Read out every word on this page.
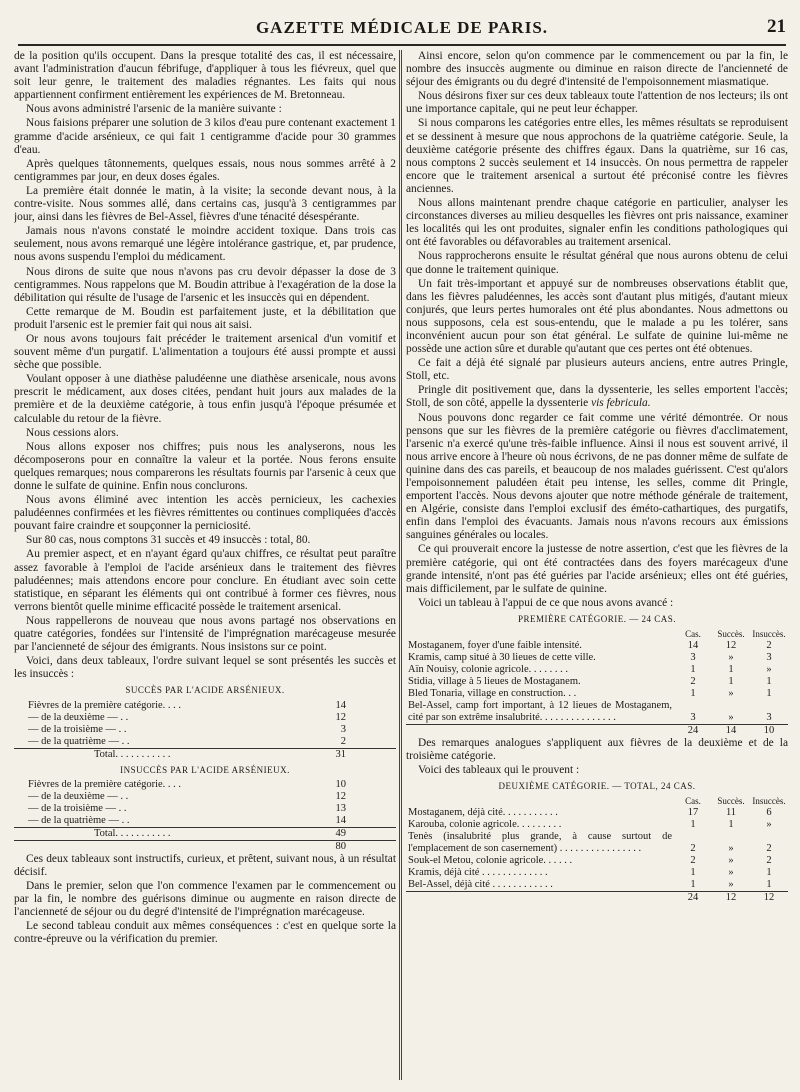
GAZETTE MÉDICALE DE PARIS.	21

de la position qu'ils occupent. Dans la presque totalité des cas, il est nécessaire, avant l'administration d'aucun fébrifuge, d'appliquer à tous les fiévreux, quel que soit leur genre, le traitement des maladies régnantes. Les faits qui nous appartiennent confirment entièrement les expériences de M. Bretonneau.

Nous avons administré l'arsenic de la manière suivante :

Nous faisions préparer une solution de 3 kilos d'eau pure contenant exactement 1 gramme d'acide arsénieux, ce qui fait 1 centigramme d'acide pour 30 grammes d'eau.

Après quelques tâtonnements, quelques essais, nous nous sommes arrêté à 2 centigrammes par jour, en deux doses égales.

La première était donnée le matin, à la visite; la seconde devant nous, à la contre-visite. Nous sommes allé, dans certains cas, jusqu'à 3 centigrammes par jour, ainsi dans les fièvres de Bel-Assel, fièvres d'une ténacité désespérante.

Jamais nous n'avons constaté le moindre accident toxique. Dans trois cas seulement, nous avons remarqué une légère intolérance gastrique, et, par prudence, nous avons suspendu l'emploi du médicament.

Nous dirons de suite que nous n'avons pas cru devoir dépasser la dose de 3 centigrammes. Nous rappelons que M. Boudin attribue à l'exagération de la dose la débilitation qui résulte de l'usage de l'arsenic et les insuccès qui en dépendent.

Cette remarque de M. Boudin est parfaitement juste, et la débilitation que produit l'arsenic est le premier fait qui nous ait saisi.

Or nous avons toujours fait précéder le traitement arsenical d'un vomitif et souvent même d'un purgatif. L'alimentation a toujours été aussi prompte et aussi sèche que possible.

Voulant opposer à une diathèse paludéenne une diathèse arsenicale, nous avons prescrit le médicament, aux doses citées, pendant huit jours aux malades de la première et de la deuxième catégorie, à tous enfin jusqu'à l'époque présumée et calculable du retour de la fièvre.

Nous cessions alors.

Nous allons exposer nos chiffres; puis nous les analyserons, nous les décomposerons pour en connaître la valeur et la portée. Nous ferons ensuite quelques remarques; nous comparerons les résultats fournis par l'arsenic à ceux que donne le sulfate de quinine. Enfin nous conclurons.

Nous avons éliminé avec intention les accès pernicieux, les cachexies paludéennes confirmées et les fièvres rémittentes ou continues compliquées d'accès pouvant faire craindre et soupçonner la perniciosité.

Sur 80 cas, nous comptons 31 succès et 49 insuccès : total, 80.

Au premier aspect, et en n'ayant égard qu'aux chiffres, ce résultat peut paraître assez favorable à l'emploi de l'acide arsénieux dans le traitement des fièvres paludéennes; mais attendons encore pour conclure. En étudiant avec soin cette statistique, en séparant les éléments qui ont contribué à former ces fièvres, nous verrons bientôt quelle minime efficacité possède le traitement arsenical.

Nous rappellerons de nouveau que nous avons partagé nos observations en quatre catégories, fondées sur l'intensité de l'imprégnation marécageuse mesurée par l'ancienneté de séjour des émigrants. Nous insistons sur ce point.

Voici, dans deux tableaux, l'ordre suivant lequel se sont présentés les succès et les insuccès :

SUCCÈS PAR L'ACIDE ARSÉNIEUX.
Fièvres de la première catégorie. . . .	14
— de la deuxième — . .	12
— de la troisième — . .	3
— de la quatrième — . .	2
Total. . . . . . . . . . .	31
INSUCCÈS PAR L'ACIDE ARSÉNIEUX.
Fièvres de la première catégorie. . . .	10
— de la deuxième — . .	12
— de la troisième — . .	13
— de la quatrième — . .	14
Total. . . . . . . . . . .	49
	80

Ces deux tableaux sont instructifs, curieux, et prêtent, suivant nous, à un résultat décisif.

Dans le premier, selon que l'on commence l'examen par le commencement ou par la fin, le nombre des guérisons diminue ou augmente en raison directe de l'ancienneté de séjour ou du degré d'intensité de l'imprégnation marécageuse.

Le second tableau conduit aux mêmes conséquences : c'est en quelque sorte la contre-épreuve ou la vérification du premier.

Ainsi encore, selon qu'on commence par le commencement ou par la fin, le nombre des insuccès augmente ou diminue en raison directe de l'ancienneté de séjour des émigrants ou du degré d'intensité de l'empoisonnement miasmatique.

Nous désirons fixer sur ces deux tableaux toute l'attention de nos lecteurs; ils ont une importance capitale, qui ne peut leur échapper.

Si nous comparons les catégories entre elles, les mêmes résultats se reproduisent et se dessinent à mesure que nous approchons de la quatrième catégorie. Seule, la deuxième catégorie présente des chiffres égaux. Dans la quatrième, sur 16 cas, nous comptons 2 succès seulement et 14 insuccès. On nous permettra de rappeler encore que le traitement arsenical a surtout été préconisé contre les fièvres anciennes.

Nous allons maintenant prendre chaque catégorie en particulier, analyser les circonstances diverses au milieu desquelles les fièvres ont pris naissance, examiner les localités qui les ont produites, signaler enfin les conditions pathologiques qui ont été favorables ou défavorables au traitement arsenical.

Nous rapprocherons ensuite le résultat général que nous aurons obtenu de celui que donne le traitement quinique.

Un fait très-important et appuyé sur de nombreuses observations établit que, dans les fièvres paludéennes, les accès sont d'autant plus mitigés, d'autant mieux conjurés, que leurs pertes humorales ont été plus abondantes. Nous admettons ou nous supposons, cela est sous-entendu, que le malade a pu les tolérer, sans inconvénient aucun pour son état général. Le sulfate de quinine lui-même ne possède une action sûre et durable qu'autant que ces pertes ont été obtenues.

Ce fait a déjà été signalé par plusieurs auteurs anciens, entre autres Pringle, Stoll, etc.

Pringle dit positivement que, dans la dyssenterie, les selles emportent l'accès; Stoll, de son côté, appelle la dyssenterie vis febricula.

Nous pouvons donc regarder ce fait comme une vérité démontrée. Or nous pensons que sur les fièvres de la première catégorie ou fièvres d'acclimatement, l'arsenic n'a exercé qu'une très-faible influence. Ainsi il nous est souvent arrivé, il nous arrive encore à l'heure où nous écrivons, de ne pas donner même de sulfate de quinine dans des cas pareils, et beaucoup de nos malades guérissent. C'est qu'alors l'empoisonnement paludéen était peu intense, les selles, comme dit Pringle, emportent l'accès. Nous devons ajouter que notre méthode générale de traitement, en Algérie, consiste dans l'emploi exclusif des éméto-cathartiques, des purgatifs, enfin dans l'emploi des évacuants. Jamais nous n'avons recours aux émissions sanguines générales ou locales.

Ce qui prouverait encore la justesse de notre assertion, c'est que les fièvres de la première catégorie, qui ont été contractées dans des foyers marécageux d'une grande intensité, n'ont pas été guéries par l'acide arsénieux; elles ont été guéries, mais difficilement, par le sulfate de quinine.

Voici un tableau à l'appui de ce que nous avons avancé :

PREMIÈRE CATÉGORIE. — 24 CAS.
	Cas.	Succès.	Insuccès.
Mostaganem, foyer d'une faible intensité.	14	12	2
Kramis, camp situé à 30 lieues de cette ville.	3	»	3
Aïn Nouisy, colonie agricole. . . . . . . .	1	1	»
Stidia, village à 5 lieues de Mostaganem.	2	1	1
Bled Tonaria, village en construction. . .	1	»	1
Bel-Assel, camp fort important, à 12 lieues de Mostaganem, cité par son extrême insalubrité. . . . . . . . . . . . . . .	3	»	3
	24	14	10

Des remarques analogues s'appliquent aux fièvres de la deuxième et de la troisième catégorie.

Voici des tableaux qui le prouvent :

DEUXIÈME CATÉGORIE. — TOTAL, 24 CAS.
	Cas.	Succès.	Insuccès.
Mostaganem, déjà cité. . . . . . . . . . .	17	11	6
Karouba, colonie agricole. . . . . . . . .	1	1	»
Tenès (insalubrité plus grande, à cause surtout de l'emplacement de son casernement) . . . . . . . . . . . . . . . .	2	»	2
Souk-el Metou, colonie agricole. . . . . .	2	»	2
Kramis, déjà cité . . . . . . . . . . . . .	1	»	1
Bel-Assel, déjà cité . . . . . . . . . . . .	1	»	1
	24	12	12
